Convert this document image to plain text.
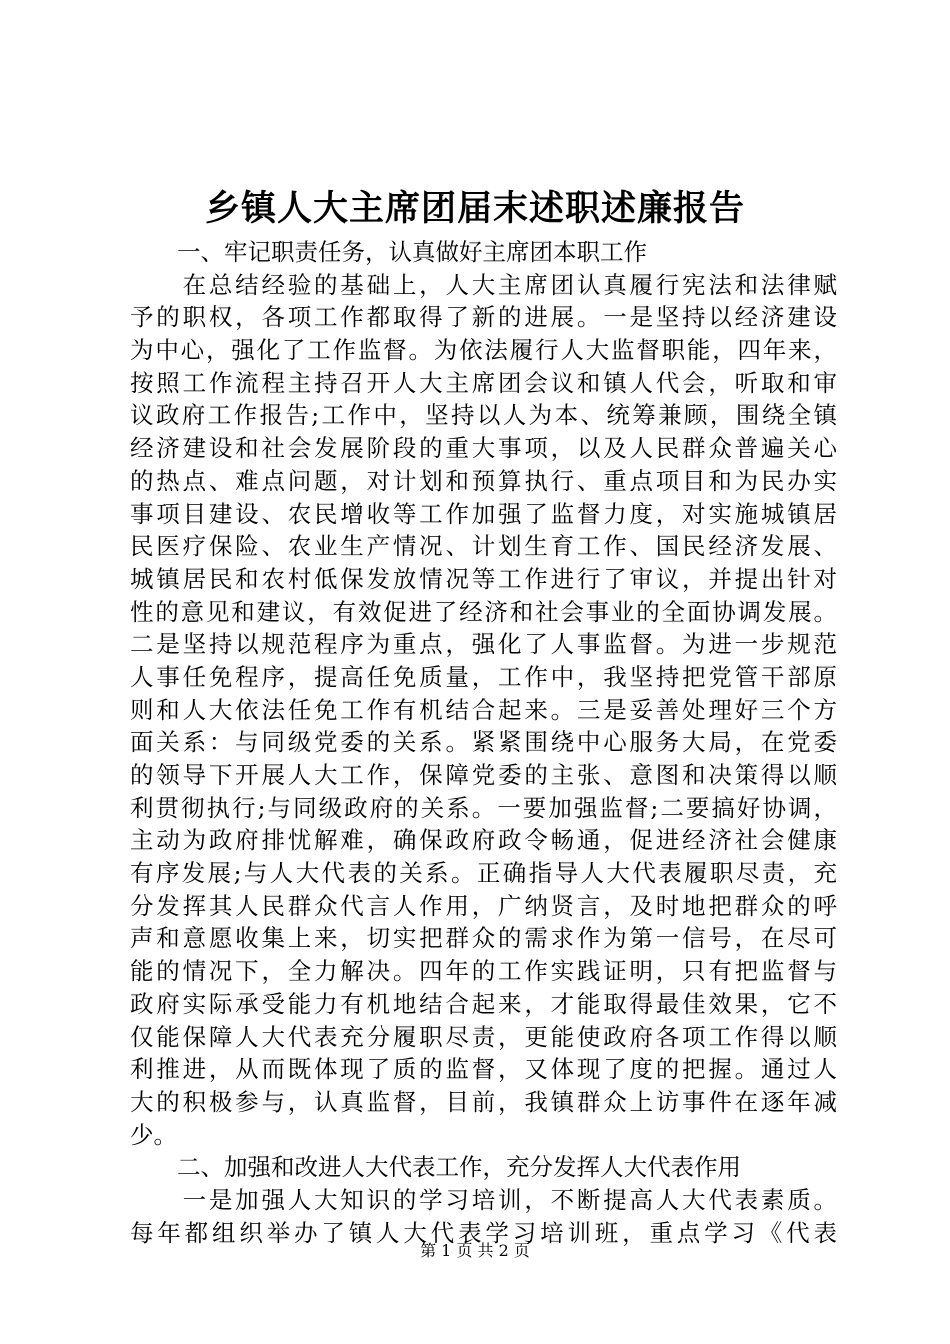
乡镇人大主席团届末述职述廉报告
　　一、牢记职责任务，认真做好主席团本职工作
　　在总结经验的基础上，人大主席团认真履行宪法和法律赋
予的职权，各项工作都取得了新的进展。一是坚持以经济建设
为中心，强化了工作监督。为依法履行人大监督职能，四年来，
按照工作流程主持召开人大主席团会议和镇人代会，听取和审
议政府工作报告;工作中，坚持以人为本、统筹兼顾，围绕全镇
经济建设和社会发展阶段的重大事项，以及人民群众普遍关心
的热点、难点问题，对计划和预算执行、重点项目和为民办实
事项目建设、农民增收等工作加强了监督力度，对实施城镇居
民医疗保险、农业生产情况、计划生育工作、国民经济发展、
城镇居民和农村低保发放情况等工作进行了审议，并提出针对
性的意见和建议，有效促进了经济和社会事业的全面协调发展。
二是坚持以规范程序为重点，强化了人事监督。为进一步规范
人事任免程序，提高任免质量，工作中，我坚持把党管干部原
则和人大依法任免工作有机结合起来。三是妥善处理好三个方
面关系：与同级党委的关系。紧紧围绕中心服务大局，在党委
的领导下开展人大工作，保障党委的主张、意图和决策得以顺
利贯彻执行;与同级政府的关系。一要加强监督;二要搞好协调，
主动为政府排忧解难，确保政府政令畅通，促进经济社会健康
有序发展;与人大代表的关系。正确指导人大代表履职尽责，充
分发挥其人民群众代言人作用，广纳贤言，及时地把群众的呼
声和意愿收集上来，切实把群众的需求作为第一信号，在尽可
能的情况下，全力解决。四年的工作实践证明，只有把监督与
政府实际承受能力有机地结合起来，才能取得最佳效果，它不
仅能保障人大代表充分履职尽责，更能使政府各项工作得以顺
利推进，从而既体现了质的监督，又体现了度的把握。通过人
大的积极参与，认真监督，目前，我镇群众上访事件在逐年减
少。
　　二、加强和改进人大代表工作，充分发挥人大代表作用
　　一是加强人大知识的学习培训，不断提高人大代表素质。
每年都组织举办了镇人大代表学习培训班，重点学习《代表
第 1 页 共 2 页
